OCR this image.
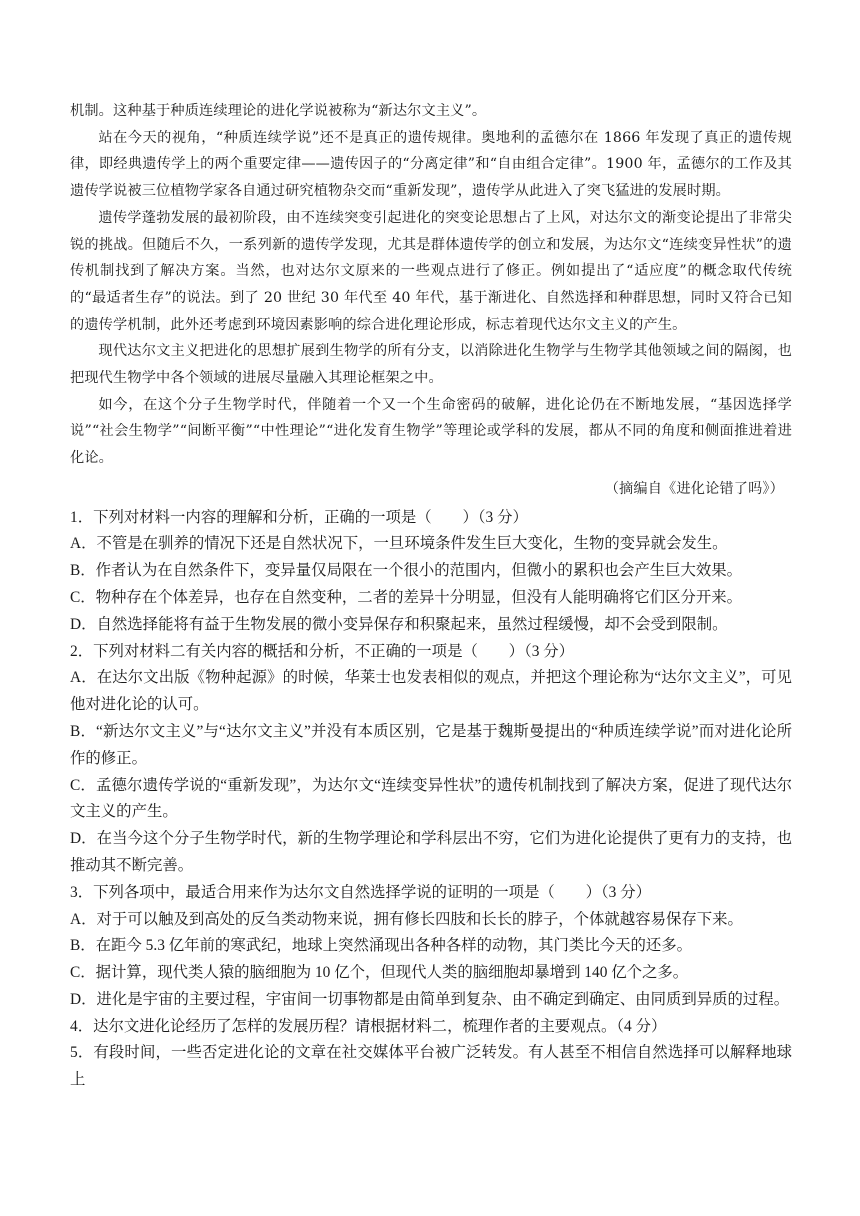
机制。这种基于种质连续理论的进化学说被称为“新达尔文主义”。

站在今天的视角，“种质连续学说”还不是真正的遗传规律。奥地利的孟德尔在 1866 年发现了真正的遗传规律，即经典遗传学上的两个重要定律——遗传因子的“分离定律”和“自由组合定律”。1900 年，孟德尔的工作及其遗传学说被三位植物学家各自通过研究植物杂交而“重新发现”，遗传学从此进入了突飞猛进的发展时期。

遗传学蓬勃发展的最初阶段，由不连续突变引起进化的突变论思想占了上风，对达尔文的渐变论提出了非常尖锐的挑战。但随后不久，一系列新的遗传学发现，尤其是群体遗传学的创立和发展，为达尔文“连续变异性状”的遗传机制找到了解决方案。当然，也对达尔文原来的一些观点进行了修正。例如提出了“适应度”的概念取代传统的“最适者生存”的说法。到了 20 世纪 30 年代至 40 年代，基于渐进化、自然选择和种群思想，同时又符合已知的遗传学机制，此外还考虑到环境因素影响的综合进化理论形成，标志着现代达尔文主义的产生。

现代达尔文主义把进化的思想扩展到生物学的所有分支，以消除进化生物学与生物学其他领域之间的隔阂，也把现代生物学中各个领域的进展尽量融入其理论框架之中。

如今，在这个分子生物学时代，伴随着一个又一个生命密码的破解，进化论仍在不断地发展，“基因选择学说”“社会生物学”“间断平衡”“中性理论”“进化发育生物学”等理论或学科的发展，都从不同的角度和侧面推进着进化论。

（摘编自《进化论错了吗》）

1．下列对材料一内容的理解和分析，正确的一项是（　　）（3 分）

A．不管是在驯养的情况下还是自然状况下，一旦环境条件发生巨大变化，生物的变异就会发生。

B．作者认为在自然条件下，变异量仅局限在一个很小的范围内，但微小的累积也会产生巨大效果。

C．物种存在个体差异，也存在自然变种，二者的差异十分明显，但没有人能明确将它们区分开来。

D．自然选择能将有益于生物发展的微小变异保存和积聚起来，虽然过程缓慢，却不会受到限制。

2．下列对材料二有关内容的概括和分析，不正确的一项是（　　）（3 分）

A．在达尔文出版《物种起源》的时候，华莱士也发表相似的观点，并把这个理论称为“达尔文主义”，可见他对进化论的认可。

B．“新达尔文主义”与“达尔文主义”并没有本质区别，它是基于魏斯曼提出的“种质连续学说”而对进化论所作的修正。

C．孟德尔遗传学说的“重新发现”，为达尔文“连续变异性状”的遗传机制找到了解决方案，促进了现代达尔文主义的产生。

D．在当今这个分子生物学时代，新的生物学理论和学科层出不穷，它们为进化论提供了更有力的支持，也推动其不断完善。

3．下列各项中，最适合用来作为达尔文自然选择学说的证明的一项是（　　）（3 分）

A．对于可以触及到高处的反刍类动物来说，拥有修长四肢和长长的脖子，个体就越容易保存下来。

B．在距今 5.3 亿年前的寒武纪，地球上突然涌现出各种各样的动物，其门类比今天的还多。

C．据计算，现代类人猿的脑细胞为 10 亿个，但现代人类的脑细胞却暴增到 140 亿个之多。

D．进化是宇宙的主要过程，宇宙间一切事物都是由简单到复杂、由不确定到确定、由同质到异质的过程。

4．达尔文进化论经历了怎样的发展历程？请根据材料二，梳理作者的主要观点。（4 分）

5．有段时间，一些否定进化论的文章在社交媒体平台被广泛转发。有人甚至不相信自然选择可以解释地球上
